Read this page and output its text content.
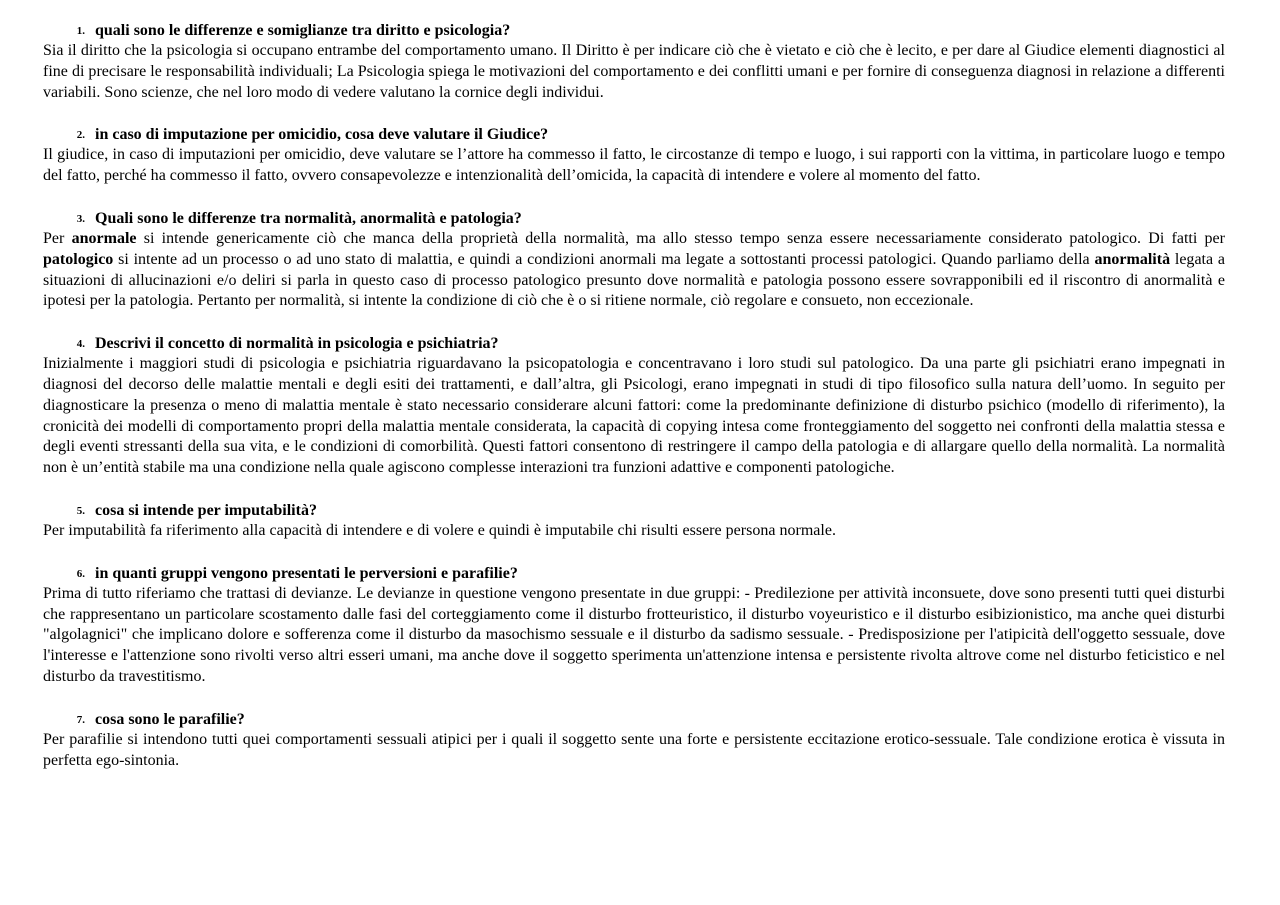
1. quali sono le differenze e somiglianze tra diritto e psicologia?

Sia il diritto che la psicologia si occupano entrambe del comportamento umano. Il Diritto è per indicare ciò che è vietato e ciò che è lecito, e per dare al Giudice elementi diagnostici al fine di precisare le responsabilità individuali; La Psicologia spiega le motivazioni del comportamento e dei conflitti umani e per fornire di conseguenza diagnosi in relazione a differenti variabili. Sono scienze, che nel loro modo di vedere valutano la cornice degli individui.

2. in caso di imputazione per omicidio, cosa deve valutare il Giudice?

Il giudice, in caso di imputazioni per omicidio, deve valutare se l’attore ha commesso il fatto, le circostanze di tempo e luogo, i sui rapporti con la vittima, in particolare luogo e tempo del fatto, perché ha commesso il fatto, ovvero consapevolezze e intenzionalità dell’omicida, la capacità di intendere e volere al momento del fatto.

3. Quali sono le differenze tra normalità, anormalità e patologia?

Per anormale si intende genericamente ciò che manca della proprietà della normalità, ma allo stesso tempo senza essere necessariamente considerato patologico. Di fatti per patologico si intente ad un processo o ad uno stato di malattia, e quindi a condizioni anormali ma legate a sottostanti processi patologici. Quando parliamo della anormalità legata a situazioni di allucinazioni e/o deliri si parla in questo caso di processo patologico presunto dove normalità e patologia possono essere sovrapponibili ed il riscontro di anormalità e ipotesi per la patologia. Pertanto per normalità, si intente la condizione di ciò che è o si ritiene normale, ciò regolare e consueto, non eccezionale.

4. Descrivi il concetto di normalità in psicologia e psichiatria?

Inizialmente i maggiori studi di psicologia e psichiatria riguardavano la psicopatologia e concentravano i loro studi sul patologico. Da una parte gli psichiatri erano impegnati in diagnosi del decorso delle malattie mentali e degli esiti dei trattamenti, e dall’altra, gli Psicologi, erano impegnati in studi di tipo filosofico sulla natura dell’uomo. In seguito per diagnosticare la presenza o meno di malattia mentale è stato necessario considerare alcuni fattori: come la predominante definizione di disturbo psichico (modello di riferimento), la cronicità dei modelli di comportamento propri della malattia mentale considerata, la capacità di copying intesa come fronteggiamento del soggetto nei confronti della malattia stessa e degli eventi stressanti della sua vita, e le condizioni di comorbilità. Questi fattori consentono di restringere il campo della patologia e di allargare quello della normalità. La normalità non è un’entità stabile ma una condizione nella quale agiscono complesse interazioni tra funzioni adattive e componenti patologiche.

5. cosa si intende per imputabilità?

Per imputabilità fa riferimento alla capacità di intendere e di volere e quindi è imputabile chi risulti essere persona normale.

6. in quanti gruppi vengono presentati le perversioni e parafilie?

Prima di tutto riferiamo che trattasi di devianze. Le devianze in questione vengono presentate in due gruppi: - Predilezione per attività inconsuete, dove sono presenti tutti quei disturbi che rappresentano un particolare scostamento dalle fasi del corteggiamento come il disturbo frotteuristico, il disturbo voyeuristico e il disturbo esibizionistico, ma anche quei disturbi "algolagnici" che implicano dolore e sofferenza come il disturbo da masochismo sessuale e il disturbo da sadismo sessuale. - Predisposizione per l'atipicità dell'oggetto sessuale, dove l'interesse e l'attenzione sono rivolti verso altri esseri umani, ma anche dove il soggetto sperimenta un'attenzione intensa e persistente rivolta altrove come nel disturbo feticistico e nel disturbo da travestitismo.

7. cosa sono le parafilie?

Per parafilie si intendono tutti quei comportamenti sessuali atipici per i quali il soggetto sente una forte e persistente eccitazione erotico-sessuale. Tale condizione erotica è vissuta in perfetta ego-sintonia.
